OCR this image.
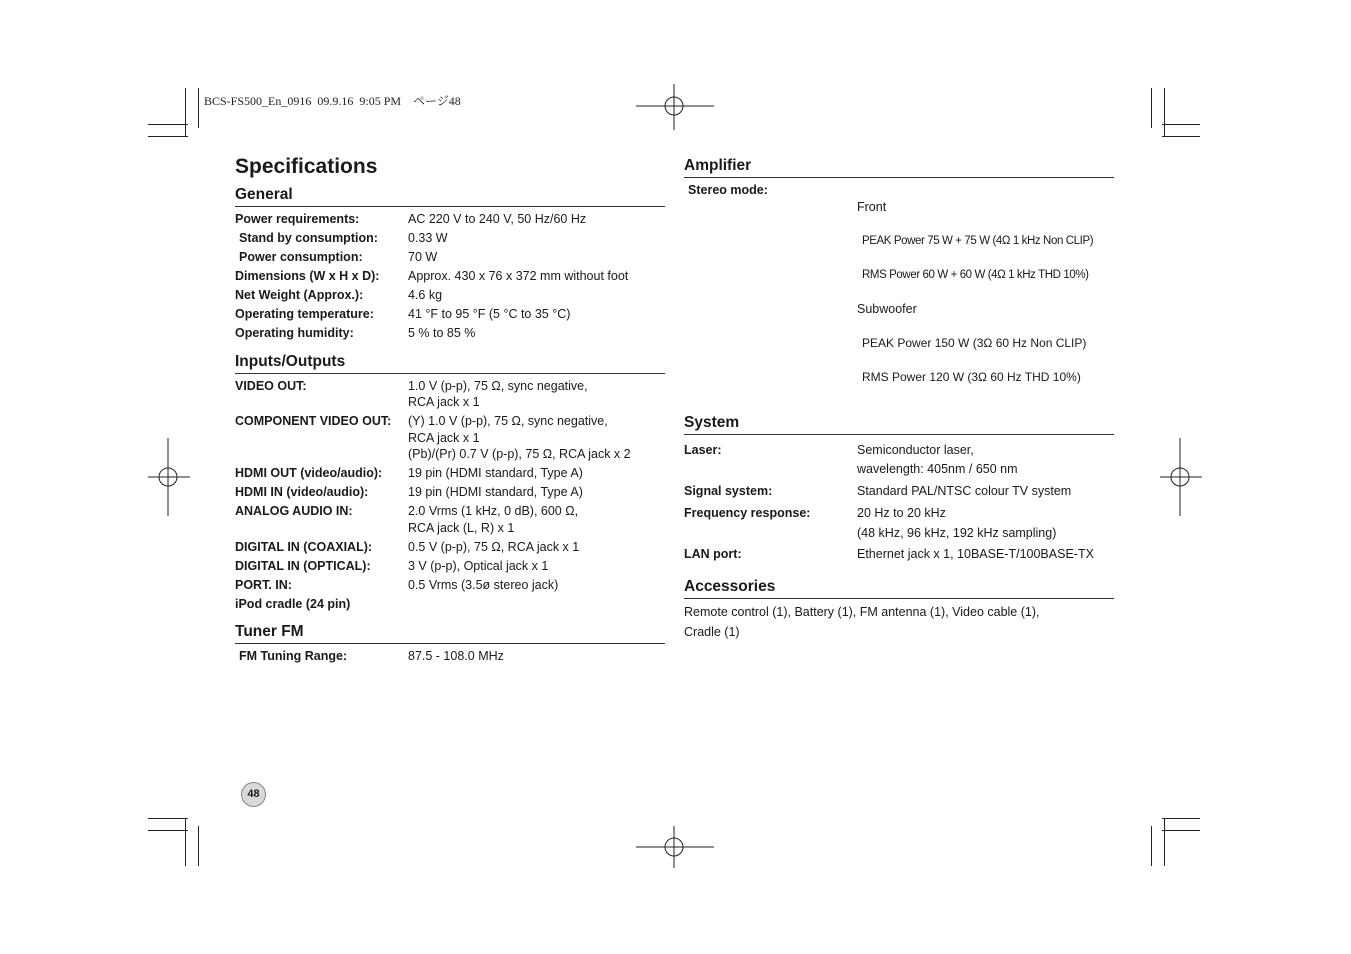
BCS-FS500_En_0916  09.9.16  9:05 PM    ページ48
Specifications
General
Power requirements:	AC 220 V to 240 V, 50 Hz/60 Hz
Stand by consumption:	0.33 W
Power consumption:	70 W
Dimensions (W x H x D):	Approx. 430 x 76 x 372 mm without foot
Net Weight (Approx.):	4.6 kg
Operating temperature:	41 °F to 95 °F (5 °C to 35 °C)
Operating humidity:	5 % to 85 %
Inputs/Outputs
VIDEO OUT:	1.0 V (p-p), 75 Ω, sync negative,
RCA jack x 1
COMPONENT VIDEO OUT:	(Y) 1.0 V (p-p), 75 Ω, sync negative,
RCA jack x 1
(Pb)/(Pr) 0.7 V (p-p), 75 Ω, RCA jack x 2
HDMI OUT (video/audio):	19 pin (HDMI standard, Type A)
HDMI IN (video/audio):	19 pin (HDMI standard, Type A)
ANALOG AUDIO IN:	2.0 Vrms (1 kHz, 0 dB), 600 Ω,
RCA jack (L, R) x 1
DIGITAL IN (COAXIAL):	0.5 V (p-p), 75 Ω, RCA jack x 1
DIGITAL IN (OPTICAL):	3 V (p-p), Optical jack x 1
PORT. IN:	0.5 Vrms (3.5ø stereo jack)
iPod cradle (24 pin)
Tuner FM
FM Tuning Range:	87.5 - 108.0 MHz
Amplifier
Stereo mode:

Front

PEAK Power 75 W + 75 W (4Ω 1 kHz Non CLIP)

RMS Power 60 W + 60 W (4Ω 1 kHz THD 10%)

Subwoofer

PEAK Power 150 W (3Ω 60 Hz Non CLIP)

RMS Power 120 W (3Ω 60 Hz THD 10%)

System
Laser:	Semiconductor laser,
wavelength: 405nm / 650 nm
Signal system:	Standard PAL/NTSC colour TV system
Frequency response:	20 Hz to 20 kHz
(48 kHz, 96 kHz, 192 kHz sampling)
LAN port:	Ethernet jack x 1, 10BASE-T/100BASE-TX
Accessories
Remote control (1), Battery (1), FM antenna (1), Video cable (1),
Cradle (1)
48
